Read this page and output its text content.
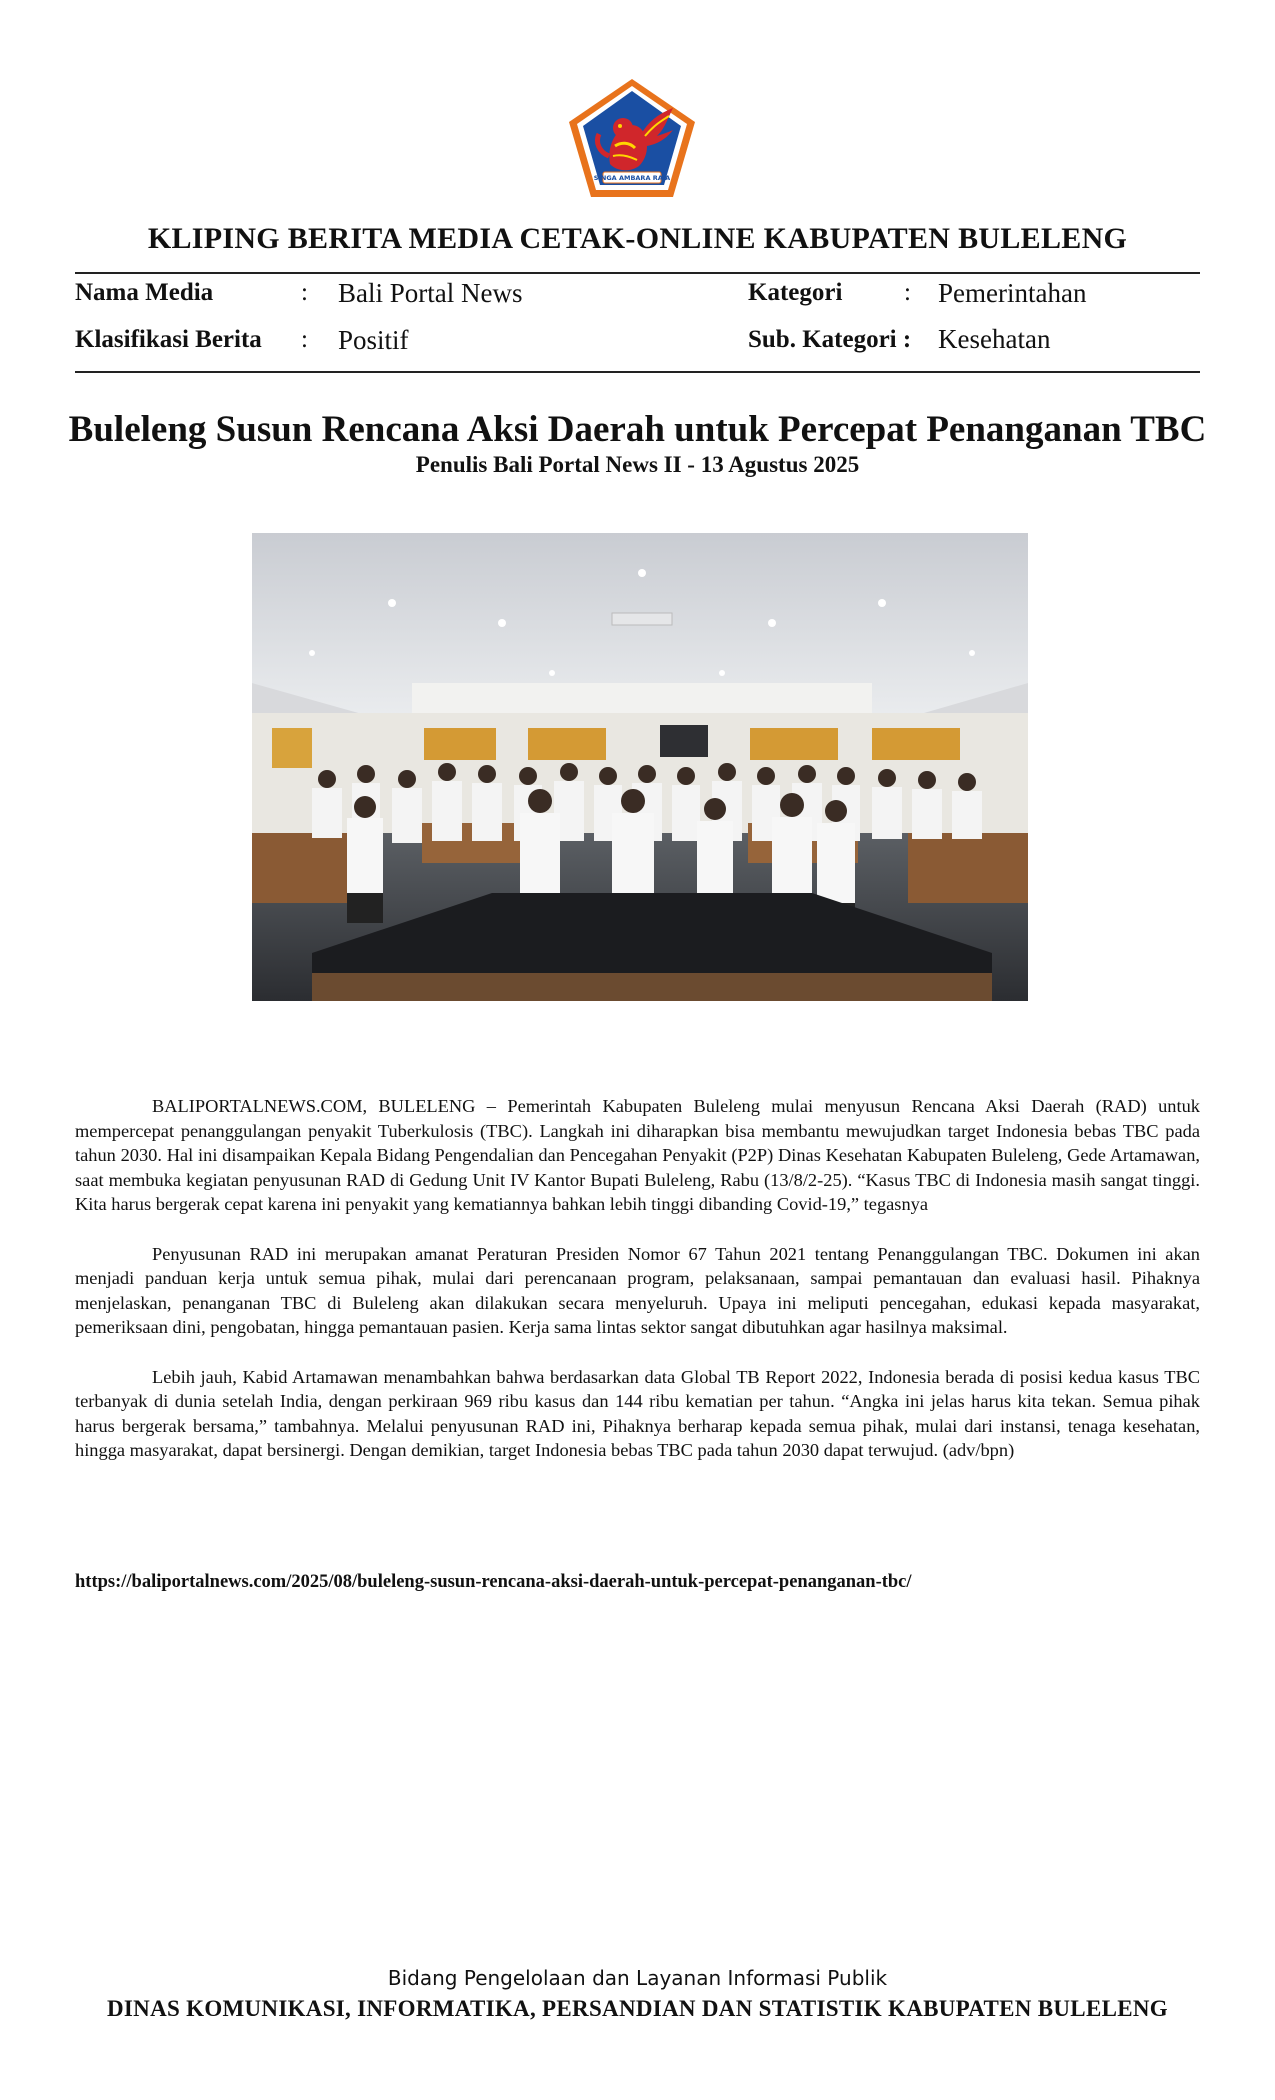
SINGA AMBARA RAJA
KLIPING BERITA MEDIA CETAK-ONLINE KABUPATEN BULELENG
Nama Media	: Bali Portal News	Kategori : Pemerintahan
Klasifikasi Berita : Positif	Sub. Kategori : Kesehatan
Buleleng Susun Rencana Aksi Daerah untuk Percepat Penanganan TBC
Penulis Bali Portal News II - 13 Agustus 2025

BALIPORTALNEWS.COM, BULELENG – Pemerintah Kabupaten Buleleng mulai menyusun Rencana Aksi Daerah (RAD) untuk mempercepat penanggulangan penyakit Tuberkulosis (TBC). Langkah ini diharapkan bisa membantu mewujudkan target Indonesia bebas TBC pada tahun 2030. Hal ini disampaikan Kepala Bidang Pengendalian dan Pencegahan Penyakit (P2P) Dinas Kesehatan Kabupaten Buleleng, Gede Artamawan, saat membuka kegiatan penyusunan RAD di Gedung Unit IV Kantor Bupati Buleleng, Rabu (13/8/2-25). “Kasus TBC di Indonesia masih sangat tinggi. Kita harus bergerak cepat karena ini penyakit yang kematiannya bahkan lebih tinggi dibanding Covid-19,” tegasnya

Penyusunan RAD ini merupakan amanat Peraturan Presiden Nomor 67 Tahun 2021 tentang Penanggulangan TBC. Dokumen ini akan menjadi panduan kerja untuk semua pihak, mulai dari perencanaan program, pelaksanaan, sampai pemantauan dan evaluasi hasil. Pihaknya menjelaskan, penanganan TBC di Buleleng akan dilakukan secara menyeluruh. Upaya ini meliputi pencegahan, edukasi kepada masyarakat, pemeriksaan dini, pengobatan, hingga pemantauan pasien. Kerja sama lintas sektor sangat dibutuhkan agar hasilnya maksimal.

Lebih jauh, Kabid Artamawan menambahkan bahwa berdasarkan data Global TB Report 2022, Indonesia berada di posisi kedua kasus TBC terbanyak di dunia setelah India, dengan perkiraan 969 ribu kasus dan 144 ribu kematian per tahun. “Angka ini jelas harus kita tekan. Semua pihak harus bergerak bersama,” tambahnya. Melalui penyusunan RAD ini, Pihaknya berharap kepada semua pihak, mulai dari instansi, tenaga kesehatan, hingga masyarakat, dapat bersinergi. Dengan demikian, target Indonesia bebas TBC pada tahun 2030 dapat terwujud. (adv/bpn)

https://baliportalnews.com/2025/08/buleleng-susun-rencana-aksi-daerah-untuk-percepat-penanganan-tbc/
Bidang Pengelolaan dan Layanan Informasi Publik
DINAS KOMUNIKASI, INFORMATIKA, PERSANDIAN DAN STATISTIK KABUPATEN BULELENG
